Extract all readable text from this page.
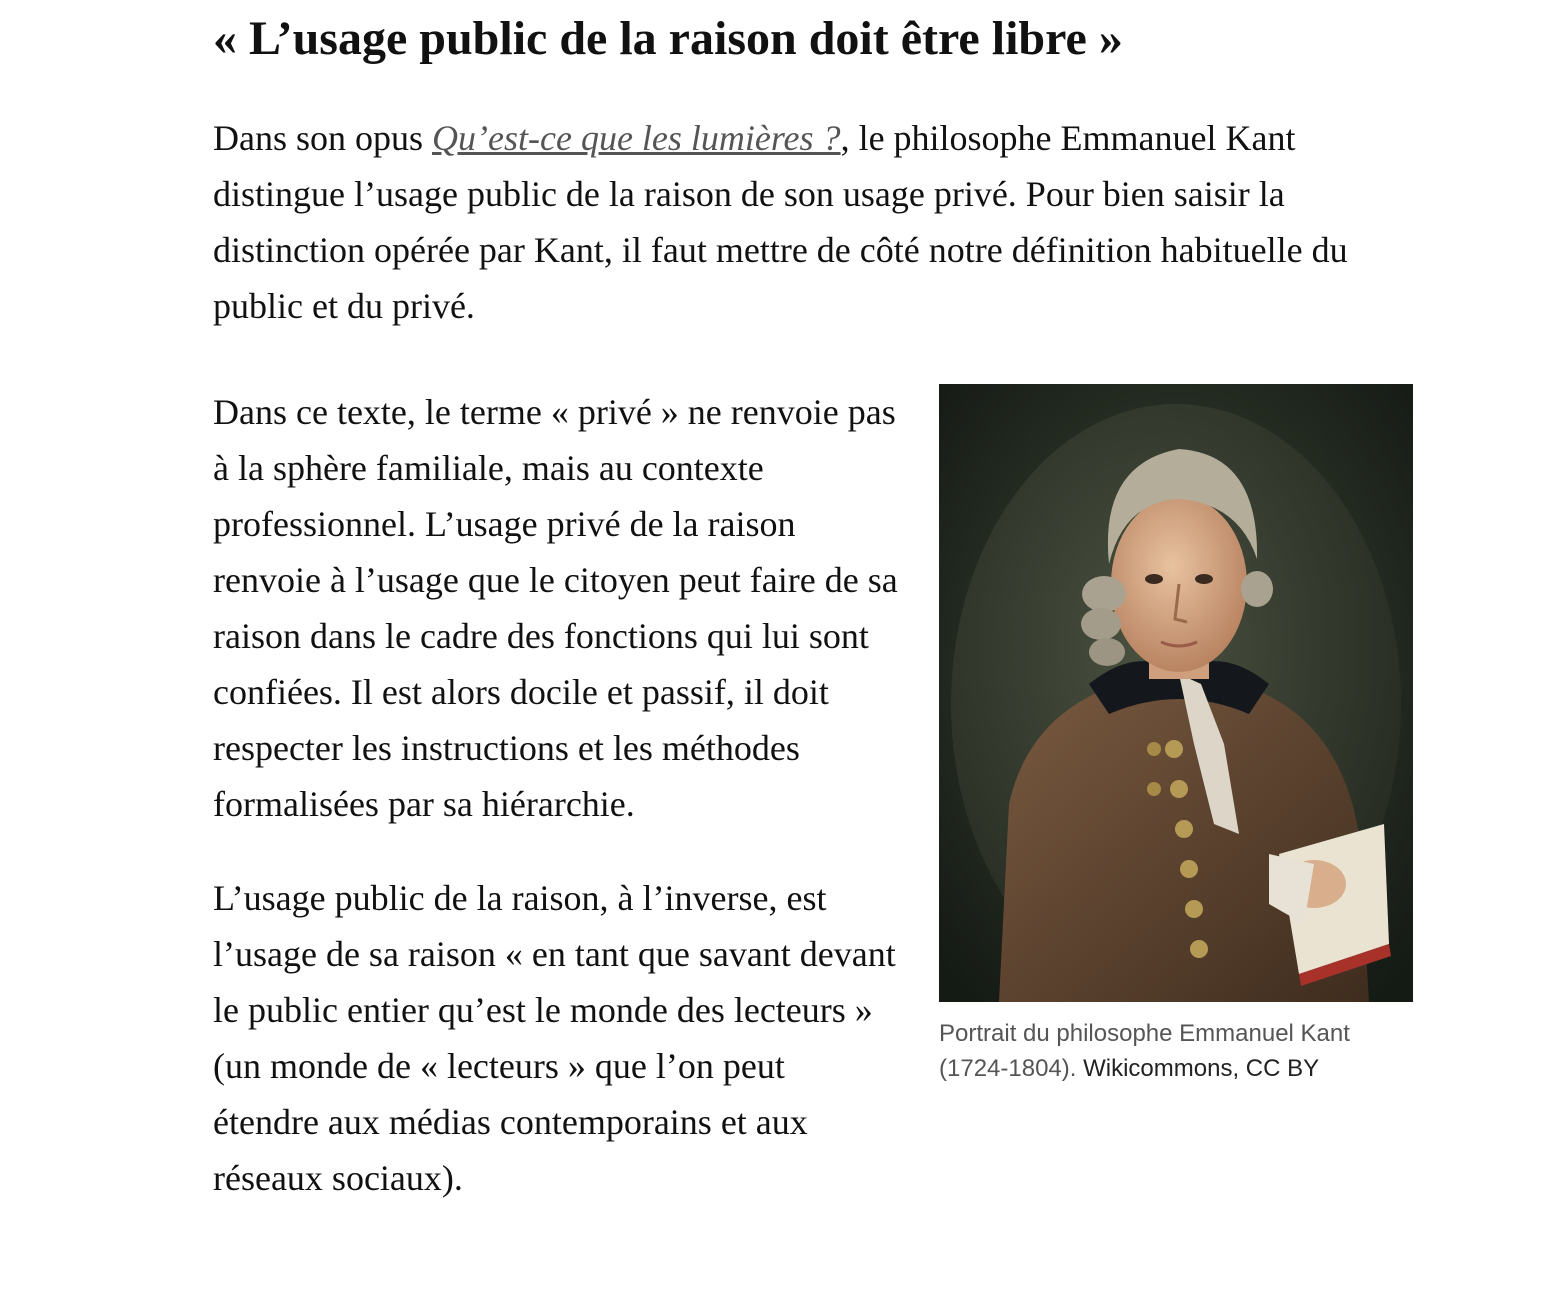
« L’usage public de la raison doit être libre »

Dans son opus Qu’est-ce que les lumières ?, le philosophe Emmanuel Kant distingue l’usage public de la raison de son usage privé. Pour bien saisir la distinction opérée par Kant, il faut mettre de côté notre définition habituelle du public et du privé.

Portrait du philosophe Emmanuel Kant (1724-1804). Wikicommons, CC BY

Dans ce texte, le terme « privé » ne renvoie pas à la sphère familiale, mais au contexte professionnel. L’usage privé de la raison renvoie à l’usage que le citoyen peut faire de sa raison dans le cadre des fonctions qui lui sont confiées. Il est alors docile et passif, il doit respecter les instructions et les méthodes formalisées par sa hiérarchie.

L’usage public de la raison, à l’inverse, est l’usage de sa raison « en tant que savant devant le public entier qu’est le monde des lecteurs » (un monde de « lecteurs » que l’on peut étendre aux médias contemporains et aux réseaux sociaux).
